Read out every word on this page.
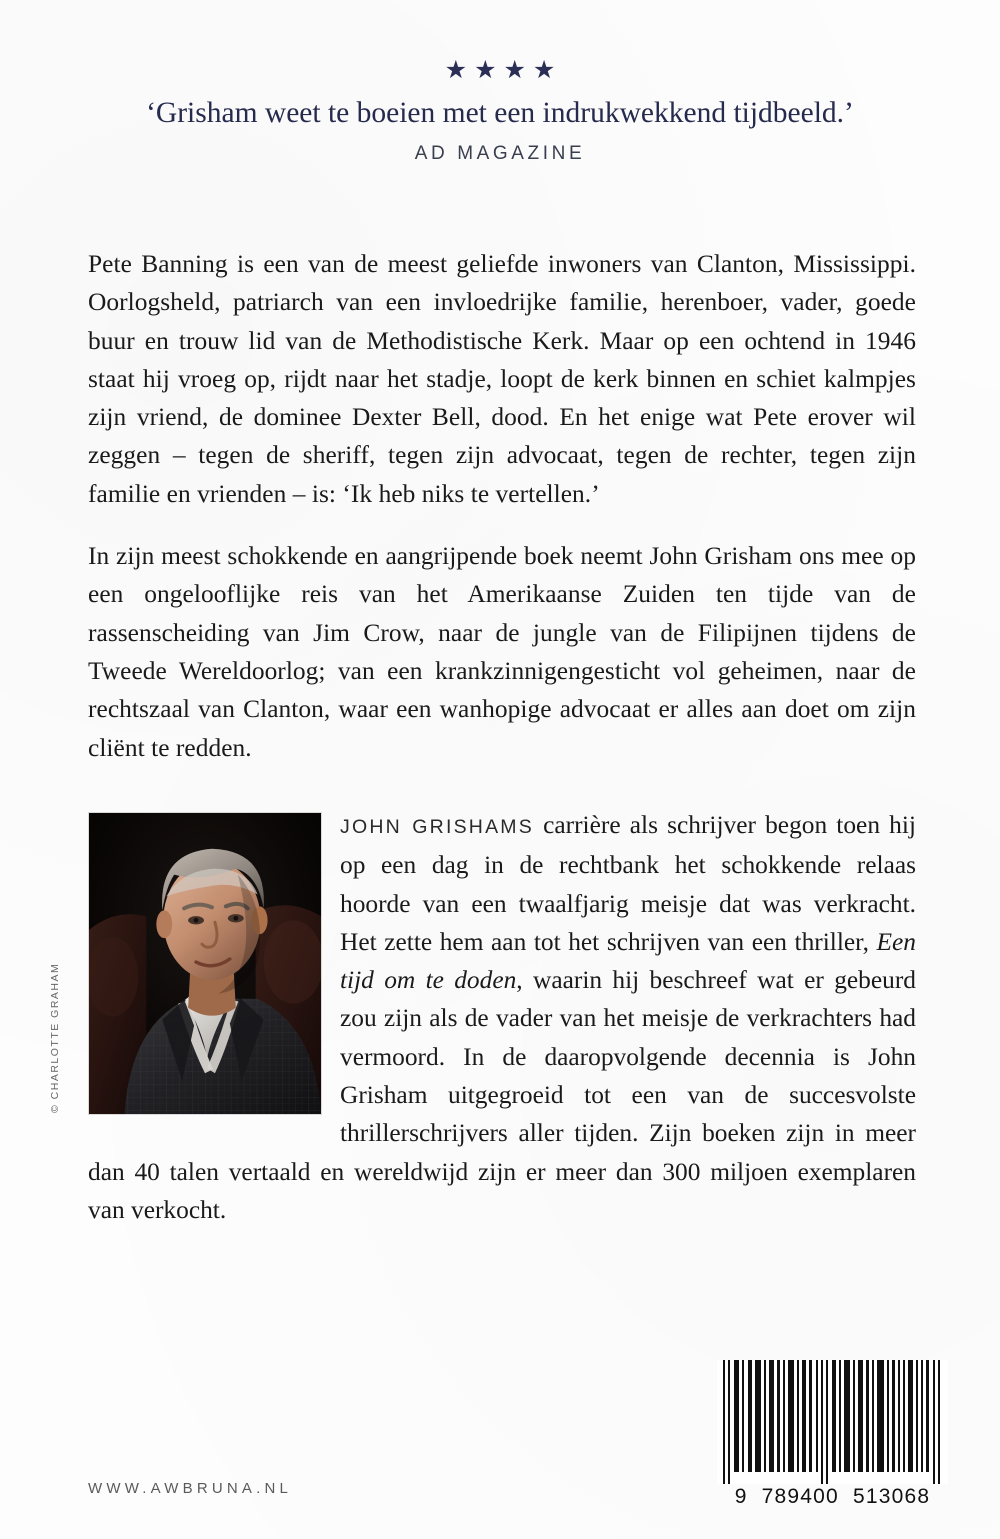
★★★★
‘Grisham weet te boeien met een indrukwekkend tijdbeeld.’
AD MAGAZINE

Pete Banning is een van de meest geliefde inwoners van Clanton, Mississippi. Oorlogsheld, patriarch van een invloedrijke familie, herenboer, vader, goede buur en trouw lid van de Methodistische Kerk. Maar op een ochtend in 1946 staat hij vroeg op, rijdt naar het stadje, loopt de kerk binnen en schiet kalmpjes zijn vriend, de dominee Dexter Bell, dood. En het enige wat Pete erover wil zeggen – tegen de sheriff, tegen zijn advocaat, tegen de rechter, tegen zijn familie en vrienden – is: ‘Ik heb niks te vertellen.’

In zijn meest schokkende en aangrijpende boek neemt John Grisham ons mee op een ongelooflijke reis van het Amerikaanse Zuiden ten tijde van de rassenscheiding van Jim Crow, naar de jungle van de Filipijnen tijdens de Tweede Wereldoorlog; van een krankzinnigengesticht vol geheimen, naar de rechtszaal van Clanton, waar een wanhopige advocaat er alles aan doet om zijn cliënt te redden.

© CHARLOTTE GRAHAM

JOHN GRISHAMS carrière als schrijver begon toen hij op een dag in de rechtbank het schokkende relaas hoorde van een twaalfjarig meisje dat was verkracht. Het zette hem aan tot het schrijven van een thriller, Een tijd om te doden, waarin hij beschreef wat er gebeurd zou zijn als de vader van het meisje de verkrachters had vermoord. In de daaropvolgende decennia is John Grisham uitgegroeid tot een van de succesvolste thrillerschrijvers aller tijden. Zijn boeken zijn in meer dan 40 talen vertaald en wereldwijd zijn er meer dan 300 miljoen exemplaren van verkocht.

WWW.AWBRUNA.NL	9  789400  513068
